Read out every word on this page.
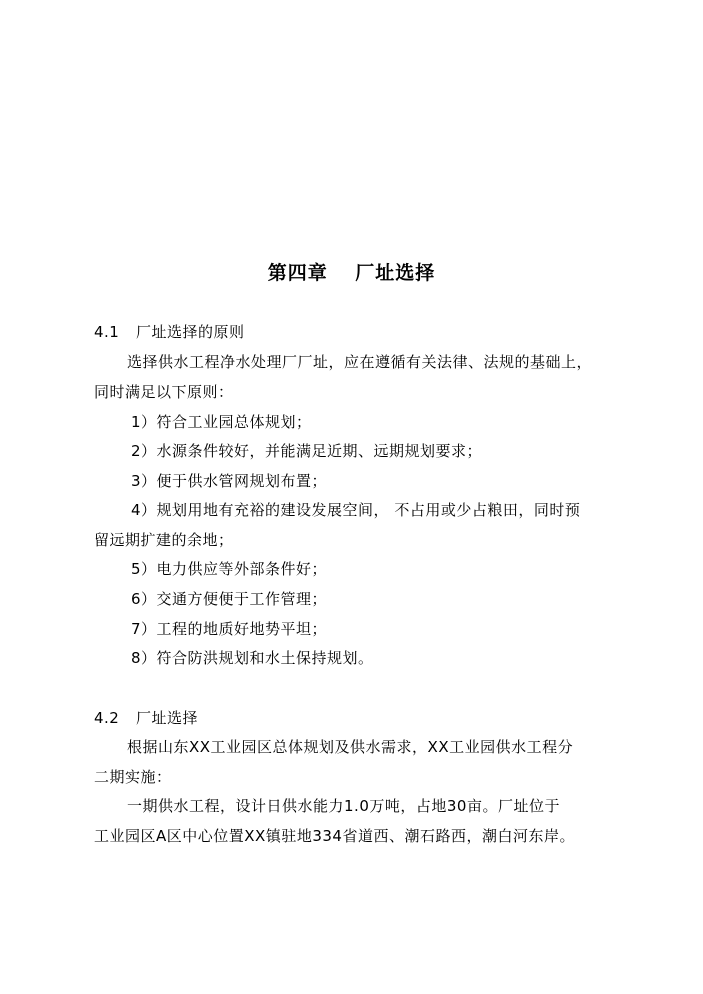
第四章　 厂址选择
4.1 厂址选择的原则
选择供水工程净水处理厂厂址，应在遵循有关法律、法规的基础上，
同时满足以下原则：
1）符合工业园总体规划；
2）水源条件较好，并能满足近期、远期规划要求；
3）便于供水管网规划布置；
4）规划用地有充裕的建设发展空间， 不占用或少占粮田，同时预
留远期扩建的余地；
5）电力供应等外部条件好；
6）交通方便便于工作管理；
7）工程的地质好地势平坦；
8）符合防洪规划和水土保持规划。
4.2 厂址选择
根据山东XX工业园区总体规划及供水需求，XX工业园供水工程分
二期实施：
一期供水工程，设计日供水能力1.0万吨，占地30亩。厂址位于
工业园区A区中心位置XX镇驻地334省道西、潮石路西，潮白河东岸。
